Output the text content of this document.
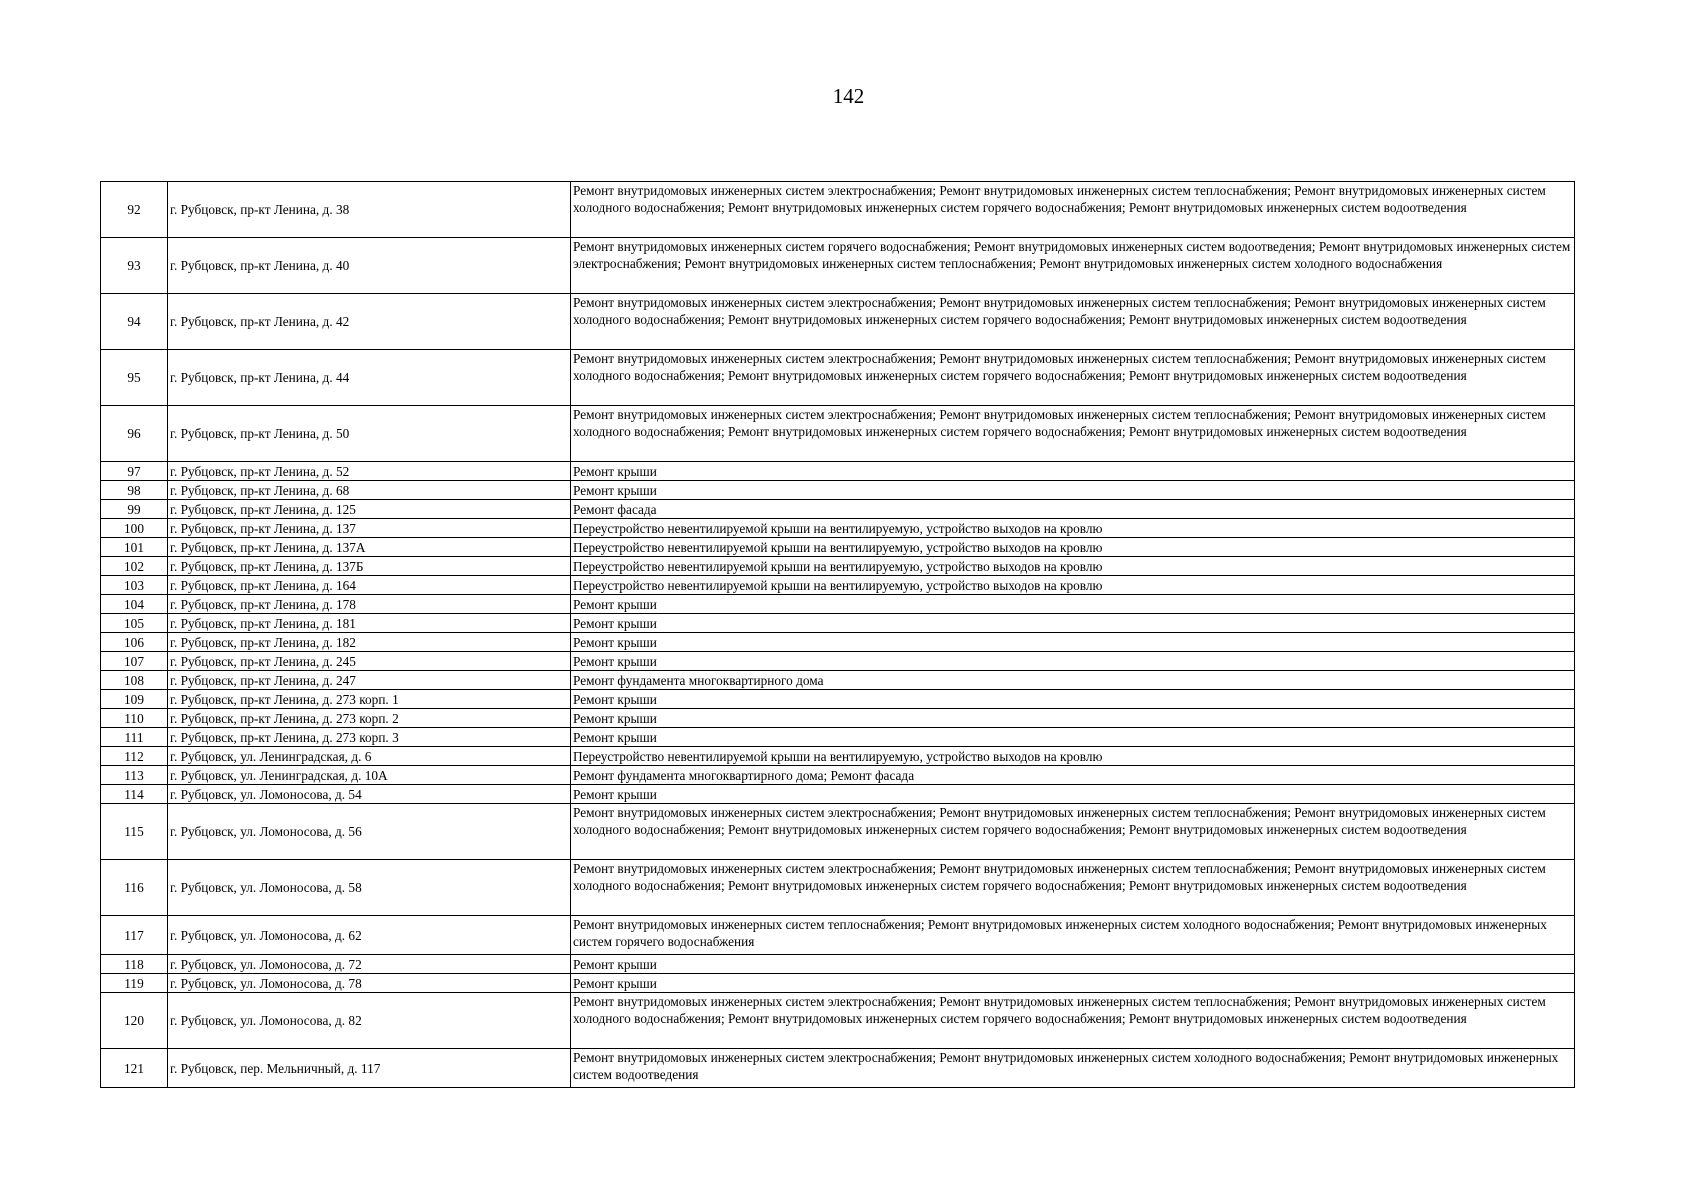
142
92	г. Рубцовск, пр-кт Ленина, д. 38	Ремонт внутридомовых инженерных систем электроснабжения; Ремонт внутридомовых инженерных систем теплоснабжения; Ремонт внутридомовых инженерных систем холодного водоснабжения; Ремонт внутридомовых инженерных систем горячего водоснабжения; Ремонт внутридомовых инженерных систем водоотведения
93	г. Рубцовск, пр-кт Ленина, д. 40	Ремонт внутридомовых инженерных систем горячего водоснабжения; Ремонт внутридомовых инженерных систем водоотведения; Ремонт внутридомовых инженерных систем электроснабжения; Ремонт внутридомовых инженерных систем теплоснабжения; Ремонт внутридомовых инженерных систем холодного водоснабжения
94	г. Рубцовск, пр-кт Ленина, д. 42	Ремонт внутридомовых инженерных систем электроснабжения; Ремонт внутридомовых инженерных систем теплоснабжения; Ремонт внутридомовых инженерных систем холодного водоснабжения; Ремонт внутридомовых инженерных систем горячего водоснабжения; Ремонт внутридомовых инженерных систем водоотведения
95	г. Рубцовск, пр-кт Ленина, д. 44	Ремонт внутридомовых инженерных систем электроснабжения; Ремонт внутридомовых инженерных систем теплоснабжения; Ремонт внутридомовых инженерных систем холодного водоснабжения; Ремонт внутридомовых инженерных систем горячего водоснабжения; Ремонт внутридомовых инженерных систем водоотведения
96	г. Рубцовск, пр-кт Ленина, д. 50	Ремонт внутридомовых инженерных систем электроснабжения; Ремонт внутридомовых инженерных систем теплоснабжения; Ремонт внутридомовых инженерных систем холодного водоснабжения; Ремонт внутридомовых инженерных систем горячего водоснабжения; Ремонт внутридомовых инженерных систем водоотведения
97	г. Рубцовск, пр-кт Ленина, д. 52	Ремонт крыши
98	г. Рубцовск, пр-кт Ленина, д. 68	Ремонт крыши
99	г. Рубцовск, пр-кт Ленина, д. 125	Ремонт фасада
100	г. Рубцовск, пр-кт Ленина, д. 137	Переустройство невентилируемой крыши на вентилируемую, устройство выходов на кровлю
101	г. Рубцовск, пр-кт Ленина, д. 137А	Переустройство невентилируемой крыши на вентилируемую, устройство выходов на кровлю
102	г. Рубцовск, пр-кт Ленина, д. 137Б	Переустройство невентилируемой крыши на вентилируемую, устройство выходов на кровлю
103	г. Рубцовск, пр-кт Ленина, д. 164	Переустройство невентилируемой крыши на вентилируемую, устройство выходов на кровлю
104	г. Рубцовск, пр-кт Ленина, д. 178	Ремонт крыши
105	г. Рубцовск, пр-кт Ленина, д. 181	Ремонт крыши
106	г. Рубцовск, пр-кт Ленина, д. 182	Ремонт крыши
107	г. Рубцовск, пр-кт Ленина, д. 245	Ремонт крыши
108	г. Рубцовск, пр-кт Ленина, д. 247	Ремонт фундамента многоквартирного дома
109	г. Рубцовск, пр-кт Ленина, д. 273 корп. 1	Ремонт крыши
110	г. Рубцовск, пр-кт Ленина, д. 273 корп. 2	Ремонт крыши
111	г. Рубцовск, пр-кт Ленина, д. 273 корп. 3	Ремонт крыши
112	г. Рубцовск, ул. Ленинградская, д. 6	Переустройство невентилируемой крыши на вентилируемую, устройство выходов на кровлю
113	г. Рубцовск, ул. Ленинградская, д. 10А	Ремонт фундамента многоквартирного дома; Ремонт фасада
114	г. Рубцовск, ул. Ломоносова, д. 54	Ремонт крыши
115	г. Рубцовск, ул. Ломоносова, д. 56	Ремонт внутридомовых инженерных систем электроснабжения; Ремонт внутридомовых инженерных систем теплоснабжения; Ремонт внутридомовых инженерных систем холодного водоснабжения; Ремонт внутридомовых инженерных систем горячего водоснабжения; Ремонт внутридомовых инженерных систем водоотведения
116	г. Рубцовск, ул. Ломоносова, д. 58	Ремонт внутридомовых инженерных систем электроснабжения; Ремонт внутридомовых инженерных систем теплоснабжения; Ремонт внутридомовых инженерных систем холодного водоснабжения; Ремонт внутридомовых инженерных систем горячего водоснабжения; Ремонт внутридомовых инженерных систем водоотведения
117	г. Рубцовск, ул. Ломоносова, д. 62	Ремонт внутридомовых инженерных систем теплоснабжения; Ремонт внутридомовых инженерных систем холодного водоснабжения; Ремонт внутридомовых инженерных систем горячего водоснабжения
118	г. Рубцовск, ул. Ломоносова, д. 72	Ремонт крыши
119	г. Рубцовск, ул. Ломоносова, д. 78	Ремонт крыши
120	г. Рубцовск, ул. Ломоносова, д. 82	Ремонт внутридомовых инженерных систем электроснабжения; Ремонт внутридомовых инженерных систем теплоснабжения; Ремонт внутридомовых инженерных систем холодного водоснабжения; Ремонт внутридомовых инженерных систем горячего водоснабжения; Ремонт внутридомовых инженерных систем водоотведения
121	г. Рубцовск, пер. Мельничный, д. 117	Ремонт внутридомовых инженерных систем электроснабжения; Ремонт внутридомовых инженерных систем холодного водоснабжения; Ремонт внутридомовых инженерных систем водоотведения
